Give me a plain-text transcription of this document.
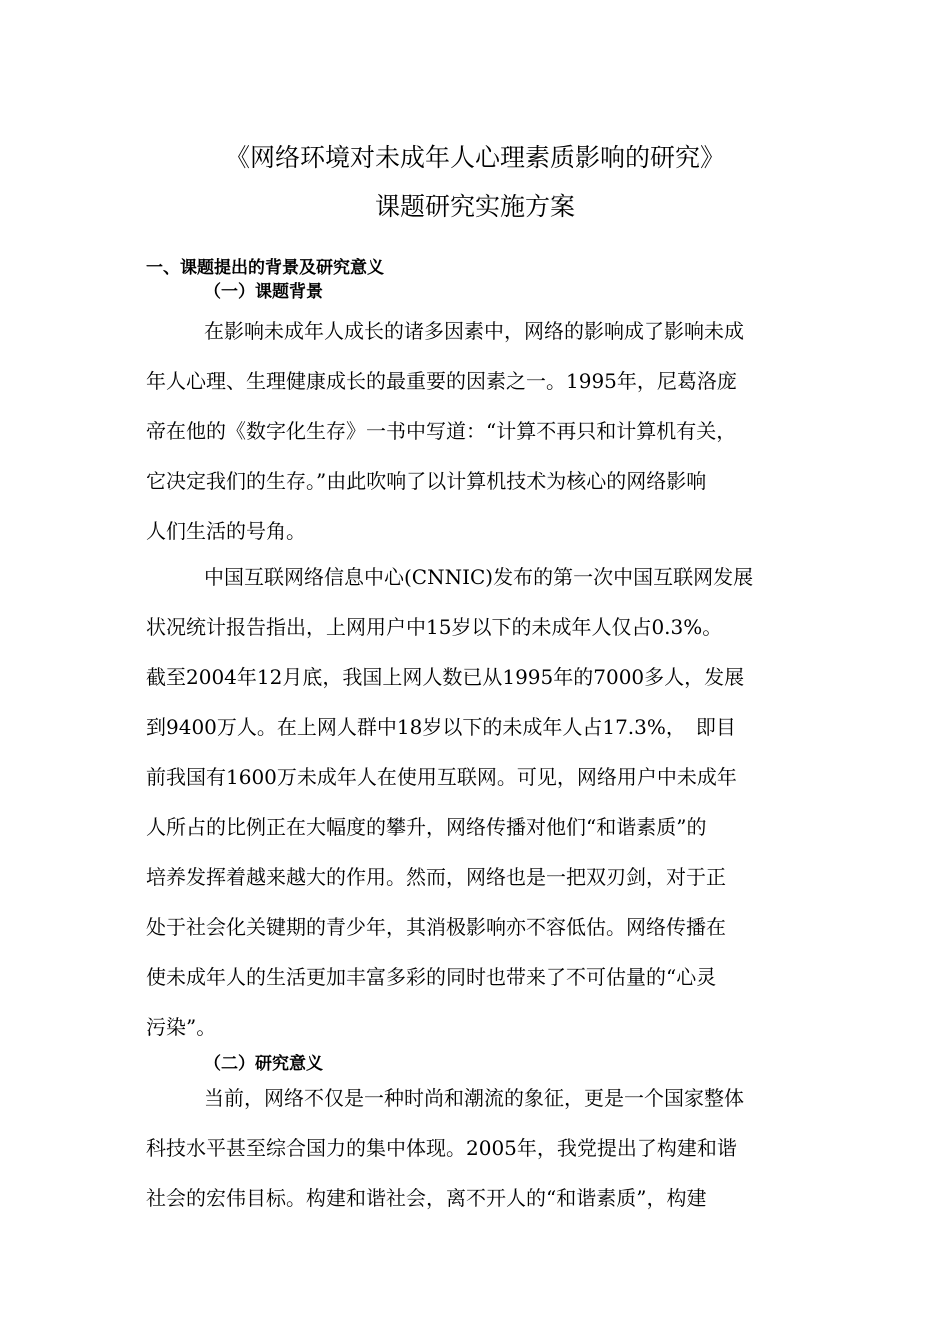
《网络环境对未成年人心理素质影响的研究》
课题研究实施方案
一、课题提出的背景及研究意义
（一）课题背景
在影响未成年人成长的诸多因素中，网络的影响成了影响未成
年人心理、生理健康成长的最重要的因素之一。1995年，尼葛洛庞
帝在他的《数字化生存》一书中写道：“计算不再只和计算机有关，
它决定我们的生存。”由此吹响了以计算机技术为核心的网络影响
人们生活的号角。
中国互联网络信息中心(CNNIC)发布的第一次中国互联网发展
状况统计报告指出，上网用户中15岁以下的未成年人仅占0.3%。
截至2004年12月底，我国上网人数已从1995年的7000多人，发展
到9400万人。在上网人群中18岁以下的未成年人占17.3%，　即目
前我国有1600万未成年人在使用互联网。可见，网络用户中未成年
人所占的比例正在大幅度的攀升，网络传播对他们“和谐素质”的
培养发挥着越来越大的作用。然而，网络也是一把双刃剑，对于正
处于社会化关键期的青少年，其消极影响亦不容低估。网络传播在
使未成年人的生活更加丰富多彩的同时也带来了不可估量的“心灵
污染”。
（二）研究意义
当前，网络不仅是一种时尚和潮流的象征，更是一个国家整体
科技水平甚至综合国力的集中体现。2005年，我党提出了构建和谐
社会的宏伟目标。构建和谐社会，离不开人的“和谐素质”，构建
